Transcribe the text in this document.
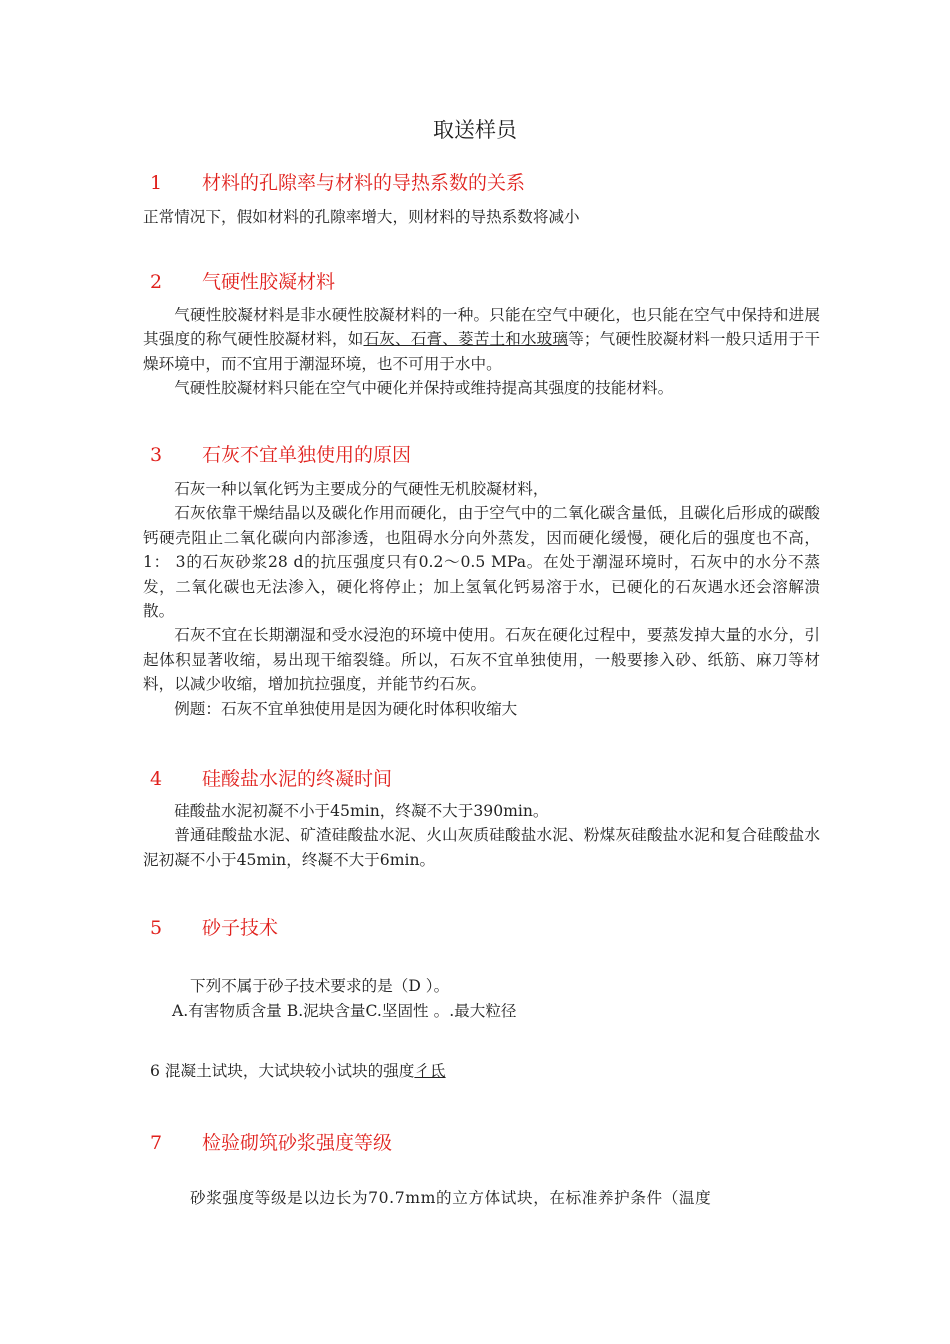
取送样员
1 材料的孔隙率与材料的导热系数的关系

正常情况下，假如材料的孔隙率增大，则材料的导热系数将减小

2 气硬性胶凝材料

气硬性胶凝材料是非水硬性胶凝材料的一种。只能在空气中硬化，也只能在空气中保持和进展其强度的称气硬性胶凝材料，如石灰、石膏、菱苦土和水玻璃等；气硬性胶凝材料一般只适用于干燥环境中，而不宜用于潮湿环境，也不可用于水中。

气硬性胶凝材料只能在空气中硬化并保持或维持提高其强度的技能材料。

3 石灰不宜单独使用的原因

石灰一种以氧化钙为主要成分的气硬性无机胶凝材料，

石灰依靠干燥结晶以及碳化作用而硬化，由于空气中的二氧化碳含量低，且碳化后形成的碳酸钙硬壳阻止二氧化碳向内部渗透，也阻碍水分向外蒸发，因而硬化缓慢，硬化后的强度也不高，1： 3的石灰砂浆28 d的抗压强度只有0.2〜0.5 MPa。在处于潮湿环境时，石灰中的水分不蒸发，二氧化碳也无法渗入，硬化将停止；加上氢氧化钙易溶于水，已硬化的石灰遇水还会溶解溃散。

石灰不宜在长期潮湿和受水浸泡的环境中使用。石灰在硬化过程中，要蒸发掉大量的水分，引起体积显著收缩，易出现干缩裂缝。所以，石灰不宜单独使用，一般要掺入砂、纸筋、麻刀等材料，以减少收缩，增加抗拉强度，并能节约石灰。

例题：石灰不宜单独使用是因为硬化时体积收缩大

4 硅酸盐水泥的终凝时间

硅酸盐水泥初凝不小于45min，终凝不大于390min。

普通硅酸盐水泥、矿渣硅酸盐水泥、火山灰质硅酸盐水泥、粉煤灰硅酸盐水泥和复合硅酸盐水泥初凝不小于45min，终凝不大于6min。

5 砂子技术
下列不属于砂子技术要求的是（D ）。
A.有害物质含量 B.泥块含量C.坚固性 。.最大粒径
6 混凝土试块，大试块较小试块的强度彳氐
7 检验砌筑砂浆强度等级
砂浆强度等级是以边长为70.7mm的立方体试块，在标准养护条件（温度
